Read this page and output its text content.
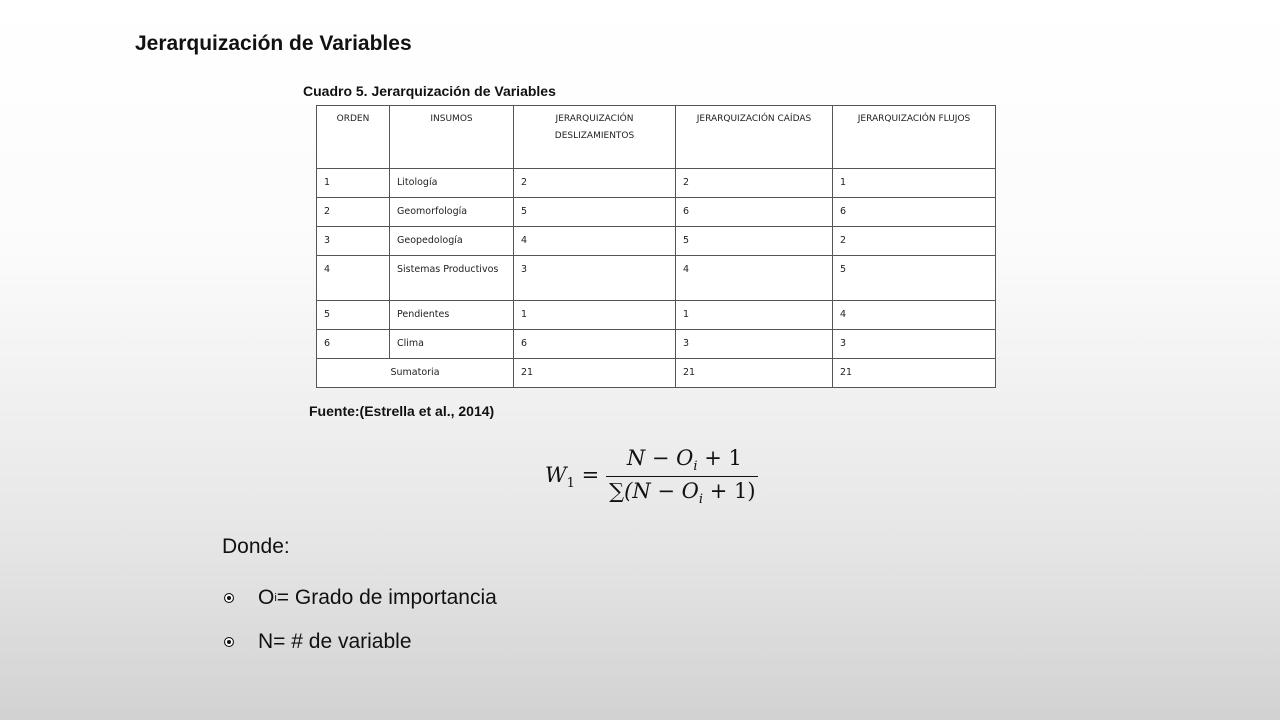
Jerarquización de Variables
Cuadro 5. Jerarquización de Variables
ORDEN	INSUMOS	JERARQUIZACIÓN DESLIZAMIENTOS	JERARQUIZACIÓN CAÍDAS	JERARQUIZACIÓN FLUJOS
1	Litología	2	2	1
2	Geomorfología	5	6	6
3	Geopedología	4	5	2
4	Sistemas Productivos	3	4	5
5	Pendientes	1	1	4
6	Clima	6	3	3
Sumatoria		21	21	21
Fuente:(Estrella et al., 2014)
$W_1 = \frac{N - O_i + 1}{\sum(N - O_i + 1)}$
Donde:
O i = Grado de importancia
N= # de variable
